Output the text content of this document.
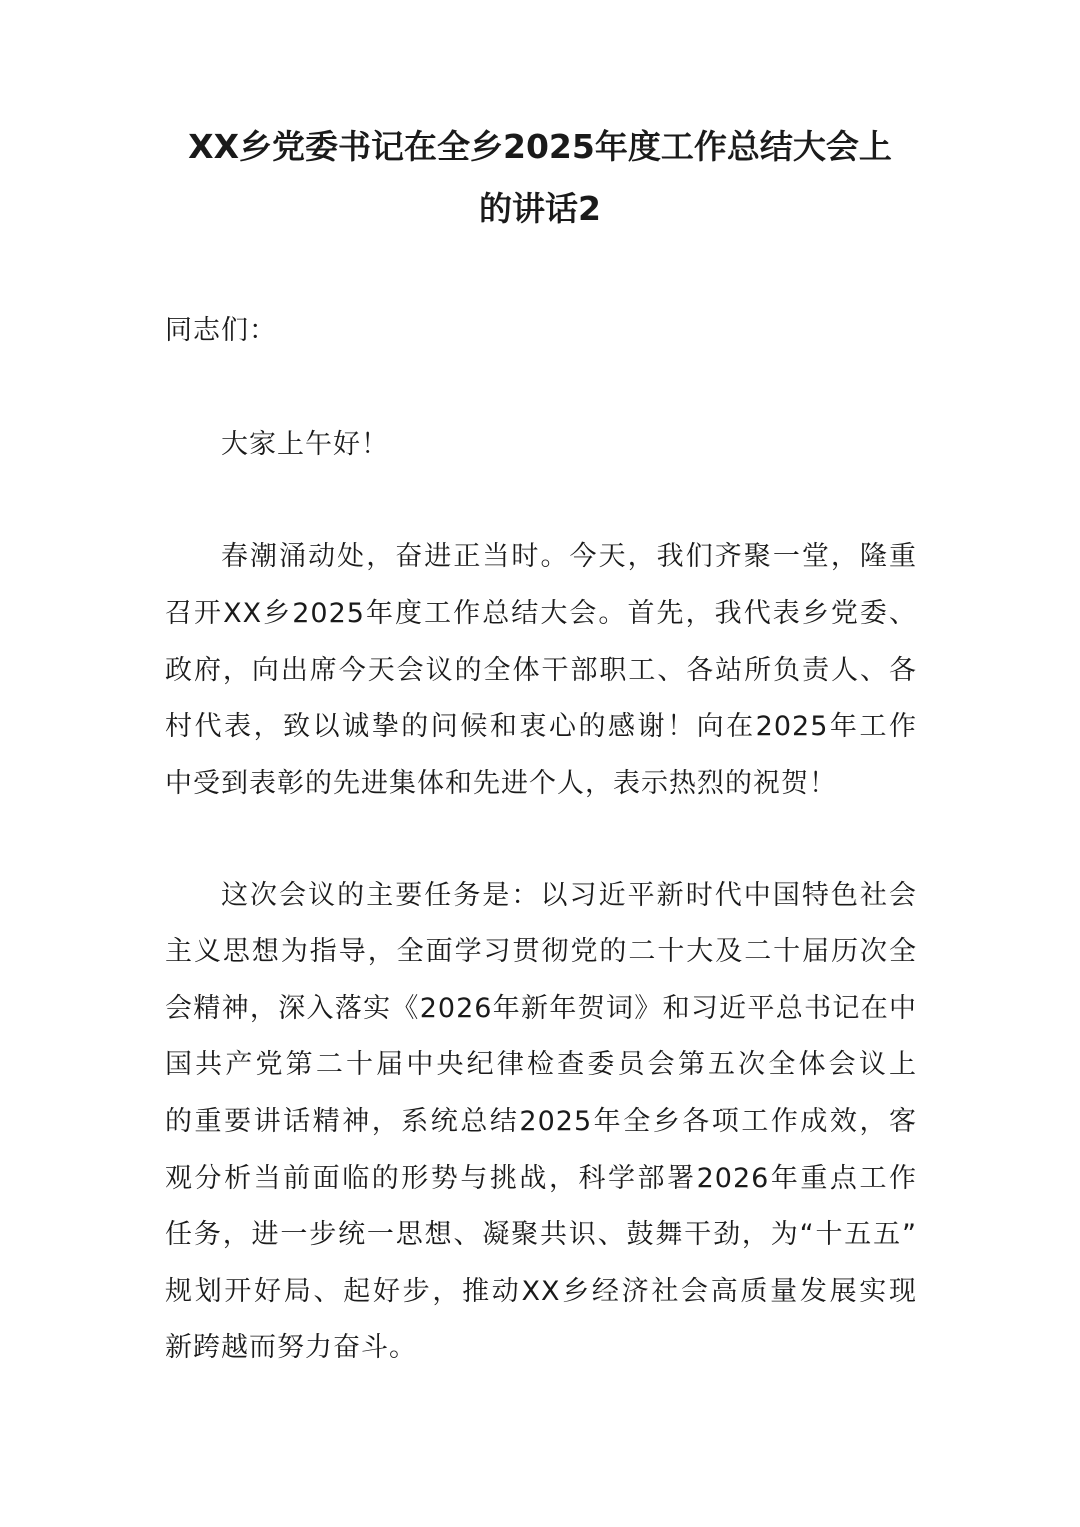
XX乡党委书记在全乡2025年度工作总结大会上
的讲话2

同志们：

大家上午好！

春潮涌动处，奋进正当时。今天，我们齐聚一堂，隆重

召开XX乡2025年度工作总结大会。首先，我代表乡党委、

政府，向出席今天会议的全体干部职工、各站所负责人、各

村代表，致以诚挚的问候和衷心的感谢！向在2025年工作

中受到表彰的先进集体和先进个人，表示热烈的祝贺！

这次会议的主要任务是：以习近平新时代中国特色社会

主义思想为指导，全面学习贯彻党的二十大及二十届历次全

会精神，深入落实《2026年新年贺词》和习近平总书记在中

国共产党第二十届中央纪律检查委员会第五次全体会议上

的重要讲话精神，系统总结2025年全乡各项工作成效，客

观分析当前面临的形势与挑战，科学部署2026年重点工作

任务，进一步统一思想、凝聚共识、鼓舞干劲，为“十五五”

规划开好局、起好步，推动XX乡经济社会高质量发展实现

新跨越而努力奋斗。
